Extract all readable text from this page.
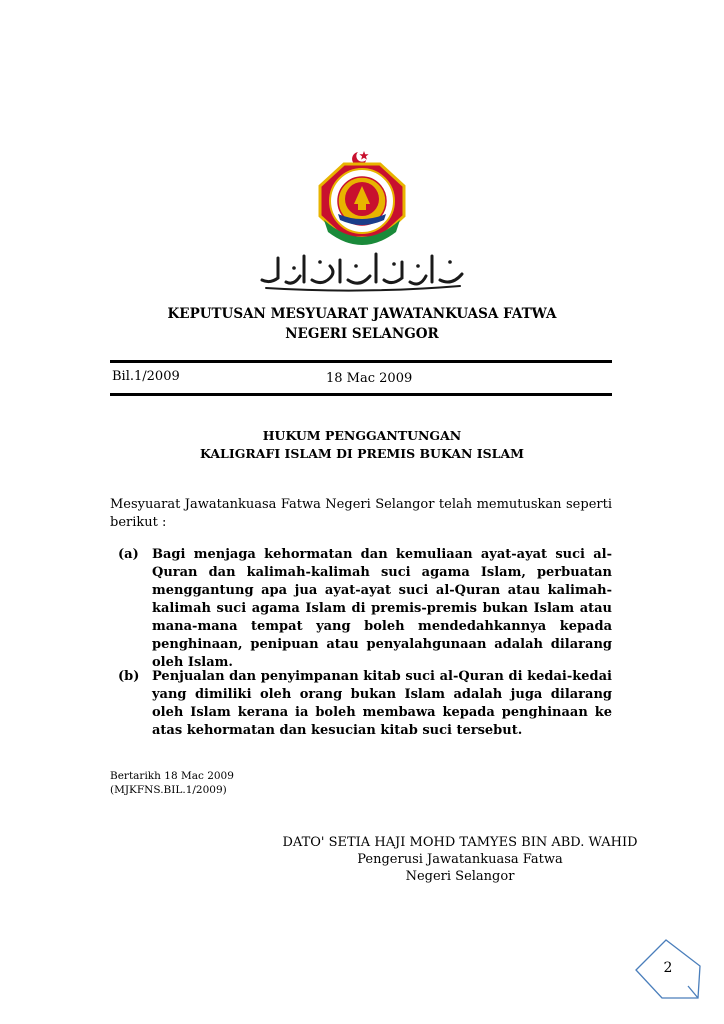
KEPUTUSAN MESYUARAT JAWATANKUASA FATWA
NEGERI SELANGOR
Bil.1/2009	18 Mac 2009
HUKUM PENGGANTUNGAN
KALIGRAFI ISLAM DI PREMIS BUKAN ISLAM
Mesyuarat Jawatankuasa Fatwa Negeri Selangor telah memutuskan seperti berikut :
(a) Bagi menjaga kehormatan dan kemuliaan ayat-ayat suci al-Quran dan kalimah-kalimah suci agama Islam, perbuatan menggantung apa jua ayat-ayat suci al-Quran atau kalimah-kalimah suci agama Islam di premis-premis bukan Islam atau mana-mana tempat yang boleh mendedahkannya kepada penghinaan, penipuan atau penyalahgunaan adalah dilarang oleh Islam.
(b) Penjualan dan penyimpanan kitab suci al-Quran di kedai-kedai yang dimiliki oleh orang bukan Islam adalah juga dilarang oleh Islam kerana ia boleh membawa kepada penghinaan ke atas kehormatan dan kesucian kitab suci tersebut.
Bertarikh 18 Mac 2009
(MJKFNS.BIL.1/2009)
DATO' SETIA HAJI MOHD TAMYES BIN ABD. WAHID
Pengerusi Jawatankuasa Fatwa
Negeri Selangor
2
